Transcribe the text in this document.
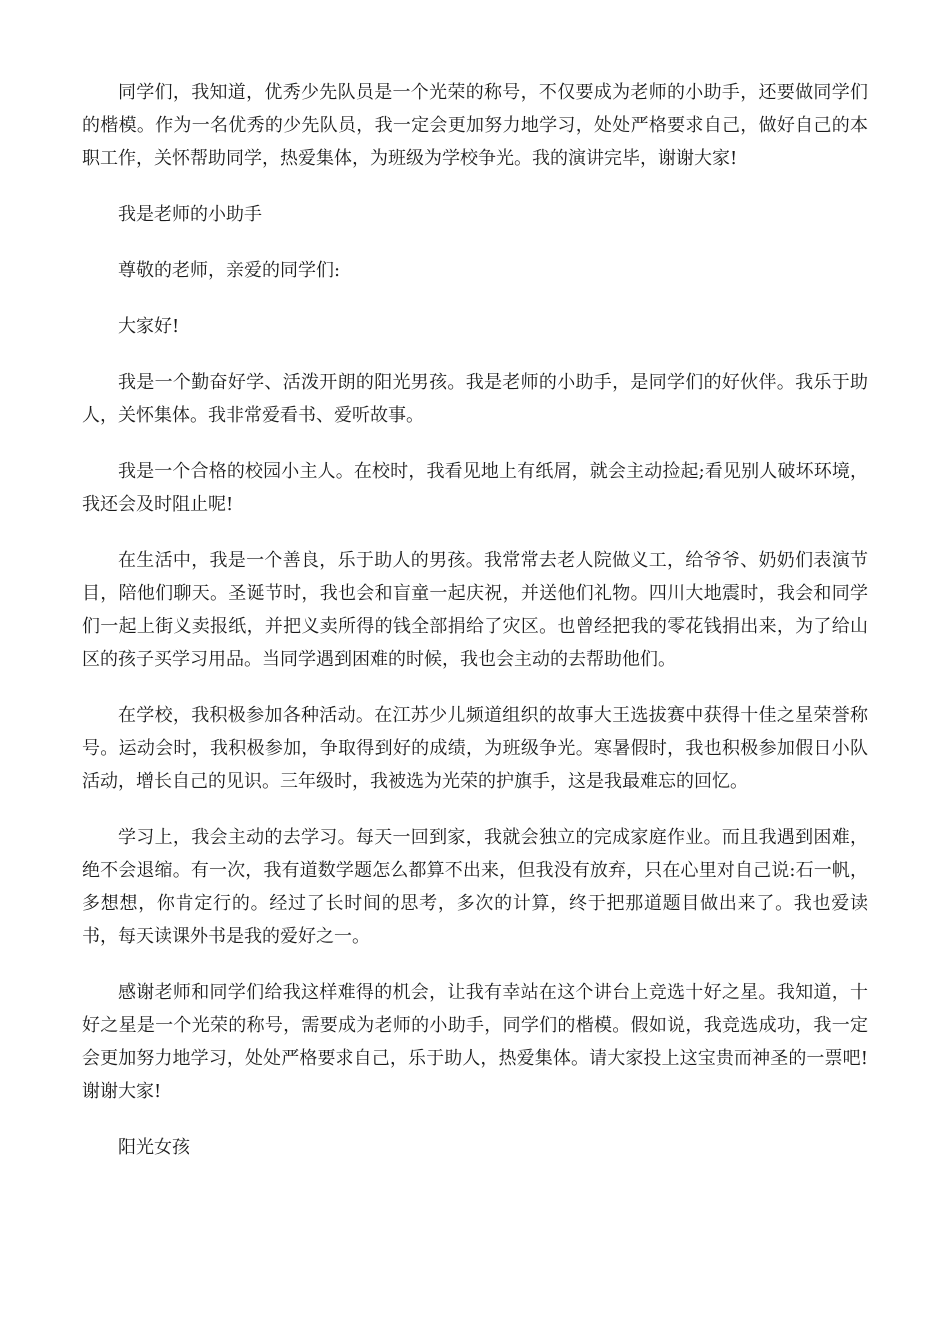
同学们，我知道，优秀少先队员是一个光荣的称号，不仅要成为老师的小助手，还要做同学们的楷模。作为一名优秀的少先队员，我一定会更加努力地学习，处处严格要求自己，做好自己的本职工作，关怀帮助同学，热爱集体，为班级为学校争光。我的演讲完毕，谢谢大家!

我是老师的小助手

尊敬的老师，亲爱的同学们:

大家好!

我是一个勤奋好学、活泼开朗的阳光男孩。我是老师的小助手，是同学们的好伙伴。我乐于助人，关怀集体。我非常爱看书、爱听故事。

我是一个合格的校园小主人。在校时，我看见地上有纸屑，就会主动捡起;看见别人破坏环境，我还会及时阻止呢!

在生活中，我是一个善良，乐于助人的男孩。我常常去老人院做义工，给爷爷、奶奶们表演节目，陪他们聊天。圣诞节时，我也会和盲童一起庆祝，并送他们礼物。四川大地震时，我会和同学们一起上街义卖报纸，并把义卖所得的钱全部捐给了灾区。也曾经把我的零花钱捐出来，为了给山区的孩子买学习用品。当同学遇到困难的时候，我也会主动的去帮助他们。

在学校，我积极参加各种活动。在江苏少儿频道组织的故事大王选拔赛中获得十佳之星荣誉称号。运动会时，我积极参加，争取得到好的成绩，为班级争光。寒暑假时，我也积极参加假日小队活动，增长自己的见识。三年级时，我被选为光荣的护旗手，这是我最难忘的回忆。

学习上，我会主动的去学习。每天一回到家，我就会独立的完成家庭作业。而且我遇到困难，绝不会退缩。有一次，我有道数学题怎么都算不出来，但我没有放弃，只在心里对自己说:石一帆，多想想，你肯定行的。经过了长时间的思考，多次的计算，终于把那道题目做出来了。我也爱读书，每天读课外书是我的爱好之一。

感谢老师和同学们给我这样难得的机会，让我有幸站在这个讲台上竞选十好之星。我知道，十好之星是一个光荣的称号，需要成为老师的小助手，同学们的楷模。假如说，我竞选成功，我一定会更加努力地学习，处处严格要求自己，乐于助人，热爱集体。请大家投上这宝贵而神圣的一票吧!谢谢大家!

阳光女孩
